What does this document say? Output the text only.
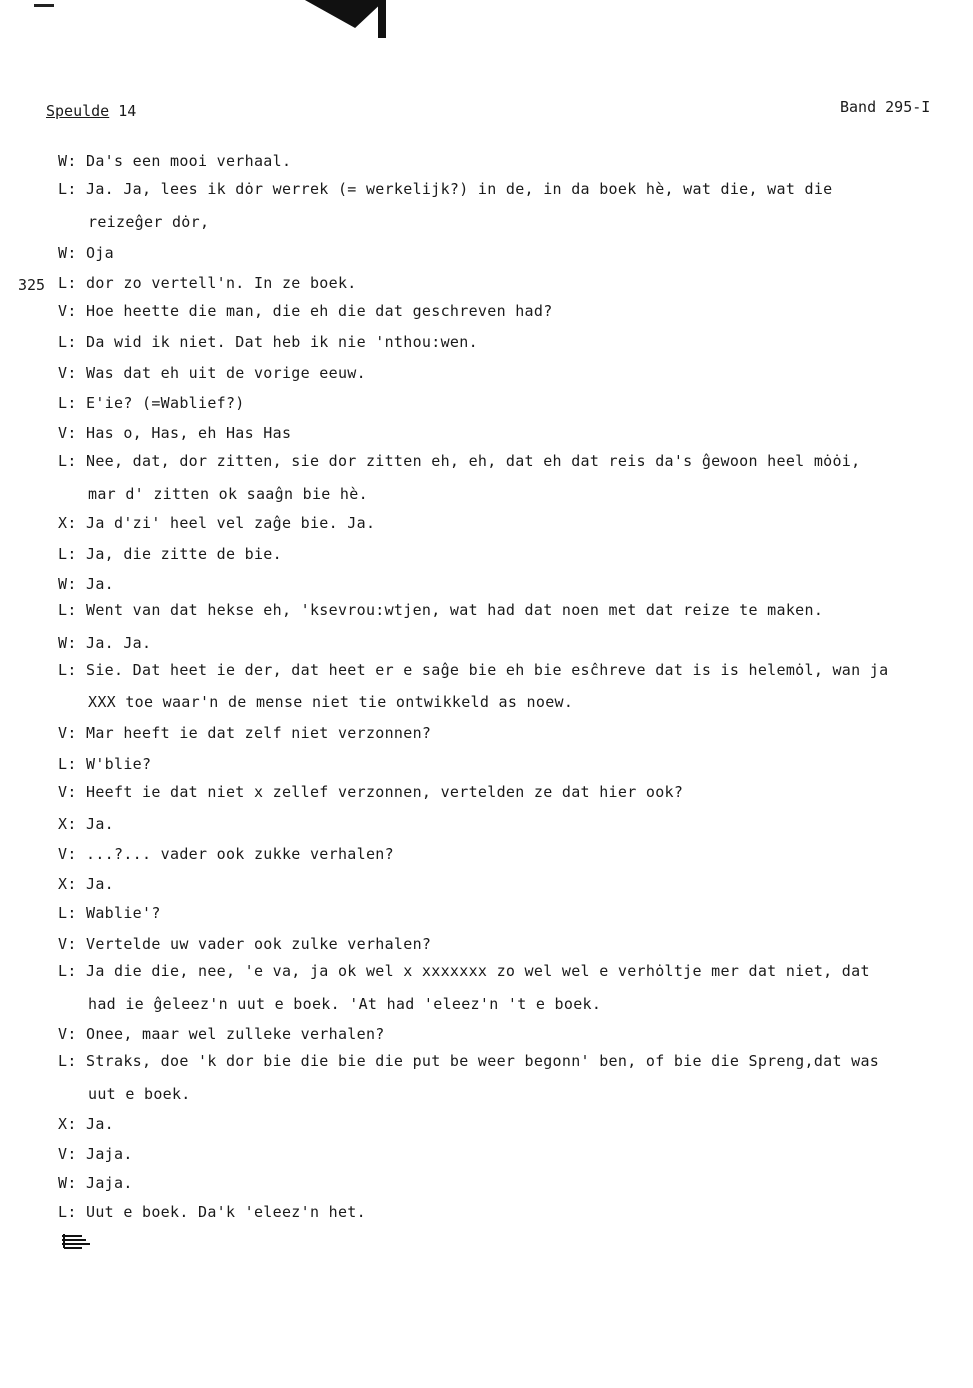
Speulde 14	Band 295-I
325
W: Da's een mooi verhaal.
L: Ja. Ja, lees ik dȯr werrek (= werkelijk?) in de, in da boek hè, wat die, wat die
reizeĝer dȯr,
W: Oja
L: dor zo vertell'n. In ze boek.
V: Hoe heette die man, die eh die dat geschreven had?
L: Da wid ik niet. Dat heb ik nie 'nthou:wen.
V: Was dat eh uit de vorige eeuw.
L: E'ie? (=Wablief?)
V: Has o, Has, eh Has Has
L: Nee, dat, dor zitten, sie dor zitten eh, eh, dat eh dat reis da's ĝewoon heel mȯȯi,
mar d' zitten ok saaĝn bie hè.
X: Ja d'zi' heel vel zaĝe bie. Ja.
L: Ja, die zitte de bie.
W: Ja.
L: Went van dat hekse eh, 'ksevrou:wtjen, wat had dat noen met dat reize te maken.
W: Ja. Ja.
L: Sie. Dat heet ie der, dat heet er e saĝe bie eh bie esĉhreve dat is is helemȯl, wan ja
XXX toe waar'n de mense niet tie ontwikkeld as noew.
V: Mar heeft ie dat zelf niet verzonnen?
L: W'blie?
V: Heeft ie dat niet x zellef verzonnen, vertelden ze dat hier ook?
X: Ja.
V: ...?... vader ook zukke verhalen?
X: Ja.
L: Wablie'?
V: Vertelde uw vader ook zulke verhalen?
L: Ja die die, nee, 'e va, ja ok wel x xxxxxxx zo wel wel e verhȯltje mer dat niet, dat
had ie ĝeleez'n uut e boek. 'At had 'eleez'n 't e boek.
V: Onee, maar wel zulleke verhalen?
L: Straks, doe 'k dor bie die bie die put be weer begonn' ben, of bie die Spreng,dat was
uut e boek.
X: Ja.
V: Jaja.
W: Jaja.
L: Uut e boek. Da'k 'eleez'n het.
